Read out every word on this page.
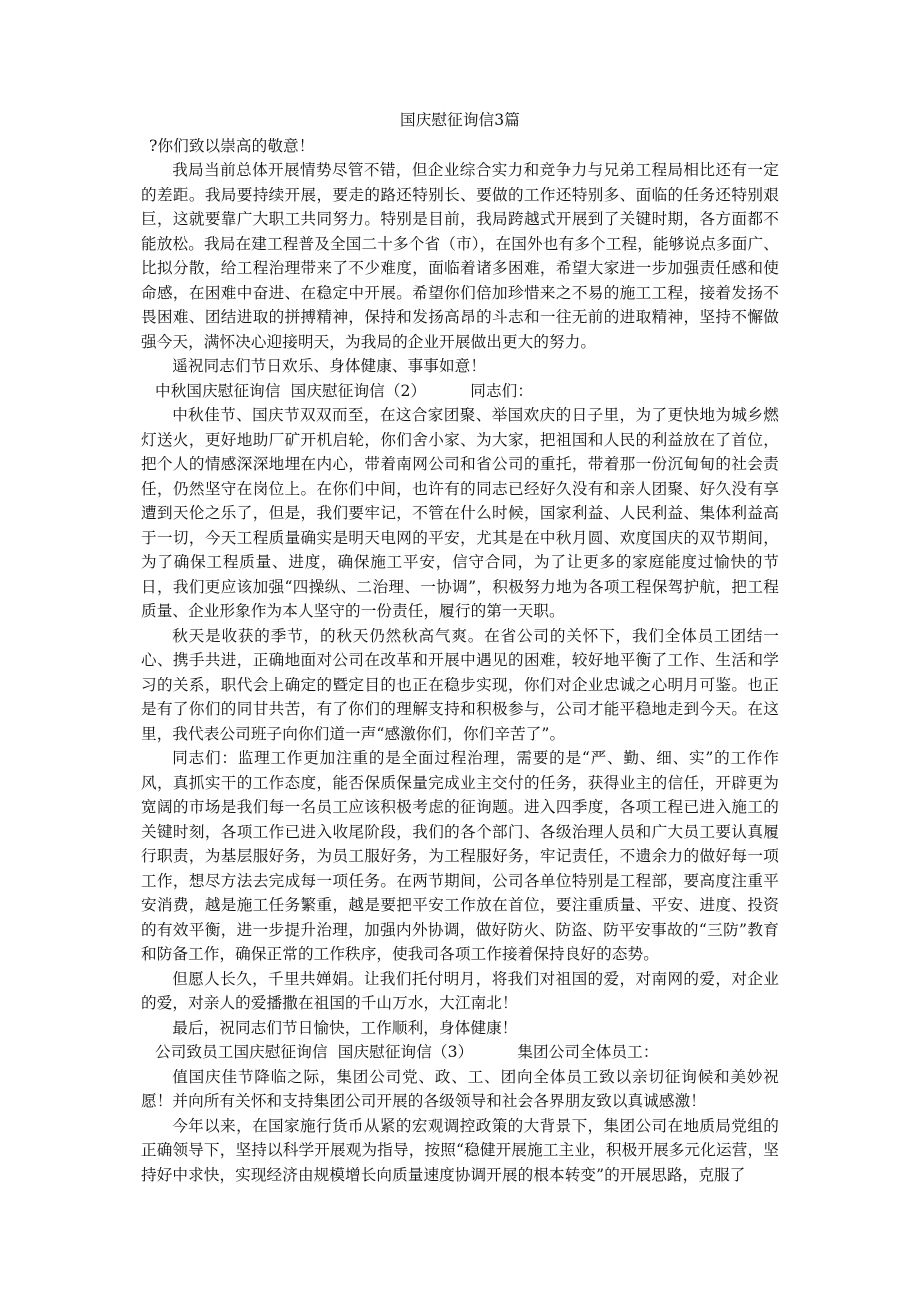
国庆慰征询信3篇

?你们致以崇高的敬意！

我局当前总体开展情势尽管不错，但企业综合实力和竞争力与兄弟工程局相比还有一定的差距。我局要持续开展，要走的路还特别长、要做的工作还特别多、面临的任务还特别艰巨，这就要靠广大职工共同努力。特别是目前，我局跨越式开展到了关键时期，各方面都不能放松。我局在建工程普及全国二十多个省（市），在国外也有多个工程，能够说点多面广、比拟分散，给工程治理带来了不少难度，面临着诸多困难，希望大家进一步加强责任感和使命感，在困难中奋进、在稳定中开展。希望你们倍加珍惜来之不易的施工工程，接着发扬不畏困难、团结进取的拼搏精神，保持和发扬高昂的斗志和一往无前的进取精神，坚持不懈做强今天，满怀决心迎接明天，为我局的企业开展做出更大的努力。

遥祝同志们节日欢乐、身体健康、事事如意！

中秋国庆慰征询信  国庆慰征询信（2）	同志们：

中秋佳节、国庆节双双而至，在这合家团聚、举国欢庆的日子里，为了更快地为城乡燃灯送火，更好地助厂矿开机启轮，你们舍小家、为大家，把祖国和人民的利益放在了首位，把个人的情感深深地埋在内心，带着南网公司和省公司的重托，带着那一份沉甸甸的社会责任，仍然坚守在岗位上。在你们中间，也许有的同志已经好久没有和亲人团聚、好久没有享遭到天伦之乐了，但是，我们要牢记，不管在什么时候，国家利益、人民利益、集体利益高于一切，今天工程质量确实是明天电网的平安，尤其是在中秋月圆、欢度国庆的双节期间，为了确保工程质量、进度，确保施工平安，信守合同，为了让更多的家庭能度过愉快的节日，我们更应该加强“四操纵、二治理、一协调”，积极努力地为各项工程保驾护航，把工程质量、企业形象作为本人坚守的一份责任，履行的第一天职。

秋天是收获的季节，的秋天仍然秋高气爽。在省公司的关怀下，我们全体员工团结一心、携手共进，正确地面对公司在改革和开展中遇见的困难，较好地平衡了工作、生活和学习的关系，职代会上确定的暨定目的也正在稳步实现，你们对企业忠诚之心明月可鉴。也正是有了你们的同甘共苦，有了你们的理解支持和积极参与，公司才能平稳地走到今天。在这里，我代表公司班子向你们道一声“感激你们，你们辛苦了”。

同志们：监理工作更加注重的是全面过程治理，需要的是“严、勤、细、实”的工作作风，真抓实干的工作态度，能否保质保量完成业主交付的任务，获得业主的信任，开辟更为宽阔的市场是我们每一名员工应该积极考虑的征询题。进入四季度，各项工程已进入施工的关键时刻，各项工作已进入收尾阶段，我们的各个部门、各级治理人员和广大员工要认真履行职责，为基层服好务，为员工服好务，为工程服好务，牢记责任，不遗余力的做好每一项工作，想尽方法去完成每一项任务。在两节期间，公司各单位特别是工程部，要高度注重平安消费，越是施工任务繁重，越是要把平安工作放在首位，要注重质量、平安、进度、投资的有效平衡，进一步提升治理，加强内外协调，做好防火、防盗、防平安事故的“三防”教育和防备工作，确保正常的工作秩序，使我司各项工作接着保持良好的态势。

但愿人长久，千里共婵娟。让我们托付明月，将我们对祖国的爱，对南网的爱，对企业的爱，对亲人的爱播撒在祖国的千山万水，大江南北！

最后，祝同志们节日愉快，工作顺利，身体健康！

公司致员工国庆慰征询信  国庆慰征询信（3）	集团公司全体员工：

值国庆佳节降临之际，集团公司党、政、工、团向全体员工致以亲切征询候和美妙祝愿！并向所有关怀和支持集团公司开展的各级领导和社会各界朋友致以真诚感激！

今年以来，在国家施行货币从紧的宏观调控政策的大背景下，集团公司在地质局党组的正确领导下，坚持以科学开展观为指导，按照“稳健开展施工主业，积极开展多元化运营，坚持好中求快，实现经济由规模增长向质量速度协调开展的根本转变”的开展思路，克服了
